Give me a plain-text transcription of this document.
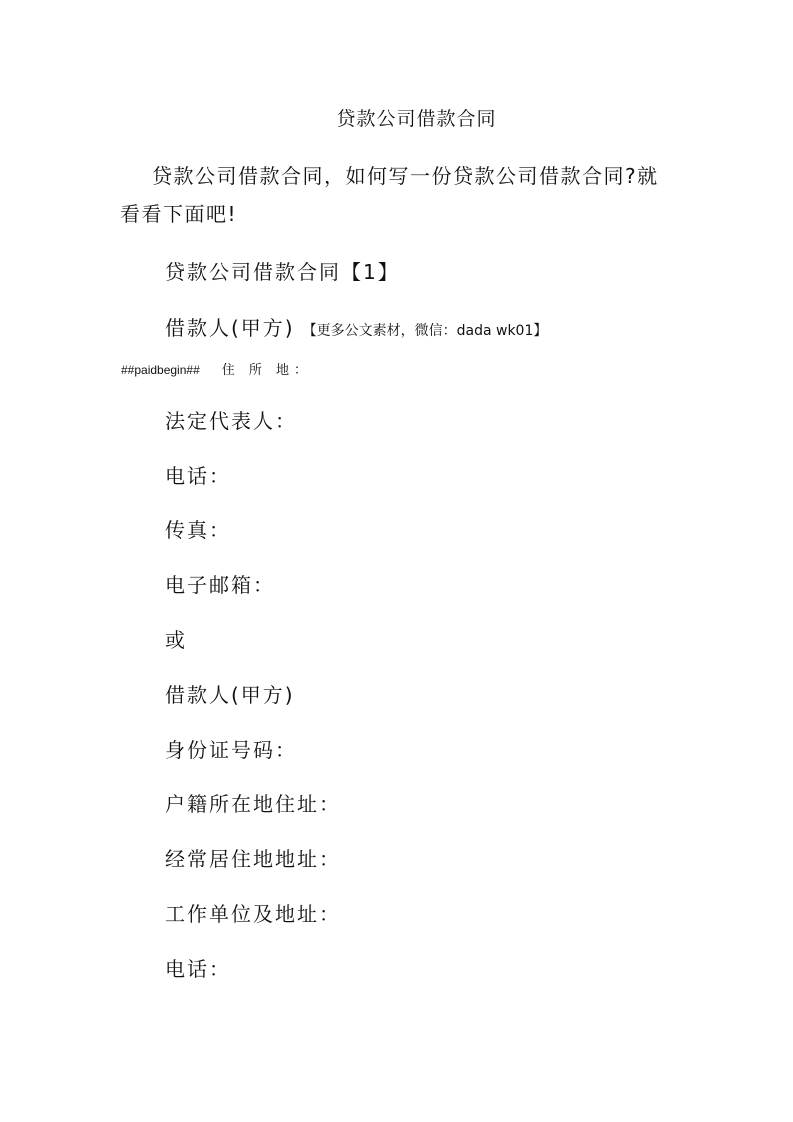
贷款公司借款合同
贷款公司借款合同，如何写一份贷款公司借款合同?就看看下面吧!
贷款公司借款合同【1】
借款人(甲方) 【更多公文素材，微信：dada wk01】
##paidbegin## 住 所 地：
法定代表人：
电话：
传真：
电子邮箱：
或
借款人(甲方)
身份证号码：
户籍所在地住址：
经常居住地地址：
工作单位及地址：
电话：
